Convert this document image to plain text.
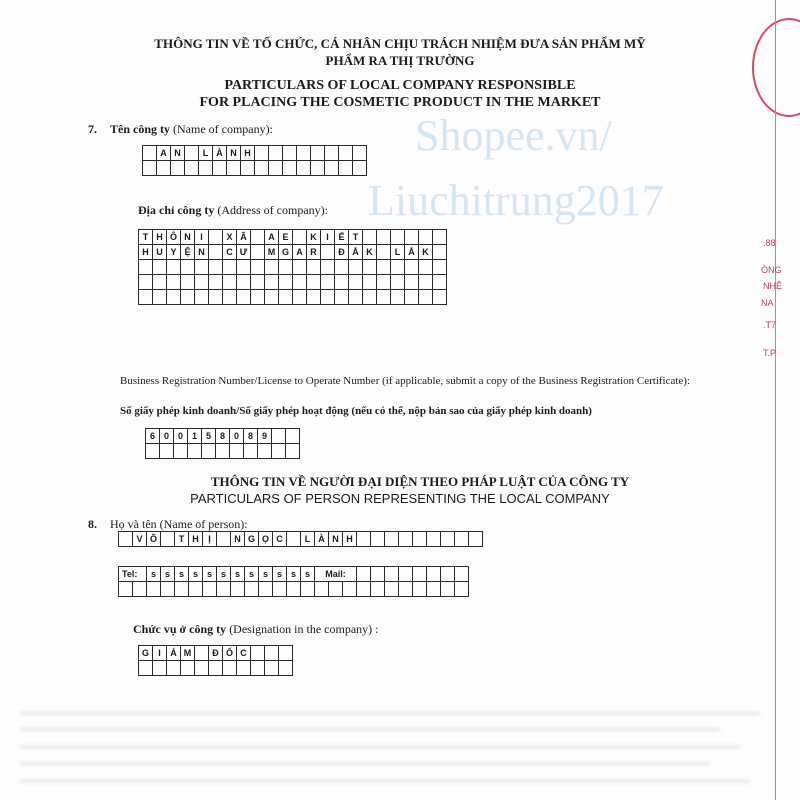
.88
ÒNG
NHỆ
NA
.T7
T.P
Shopee.vn/
Liuchitrung2017
THÔNG TIN VỀ TỔ CHỨC, CÁ NHÂN CHỊU TRÁCH NHIỆM ĐƯA SẢN PHẨM MỸ
PHẨM RA THỊ TRƯỜNG
PARTICULARS OF LOCAL COMPANY RESPONSIBLE
FOR PLACING THE COSMETIC PRODUCT IN THE MARKET
7. Tên công ty (Name of company):
	A	N		L	À	N	H								

Địa chỉ công ty (Address of company):
T	H	Ô	N	I		X	Ã		A	E		K	I	Ế	T						
H	U	Y	Ệ	N		C	Ư		M	G	A	R		Đ	Ắ	K		L	Ắ	K	

Business Registration Number/License to Operate Number (if applicable, submit a copy of the Business Registration Certificate):
Số giấy phép kinh doanh/Số giấy phép hoạt động (nếu có thể, nộp bản sao của giấy phép kinh doanh)
6	0	0	1	5	8	0	8	9		

THÔNG TIN VỀ NGƯỜI ĐẠI DIỆN THEO PHÁP LUẬT CỦA CÔNG TY
PARTICULARS OF PERSON REPRESENTING THE LOCAL COMPANY
8. Họ và tên (Name of person):
	V	Õ		T	H	Ị		N	G	Ọ	C		L	À	N	H									
Tel:		s	s	s	s	s	s	s	s	s	s	s	s	Mail:										

Chức vụ ở công ty (Designation in the company) :
G	I	Á	M		Đ	Ố	C			
